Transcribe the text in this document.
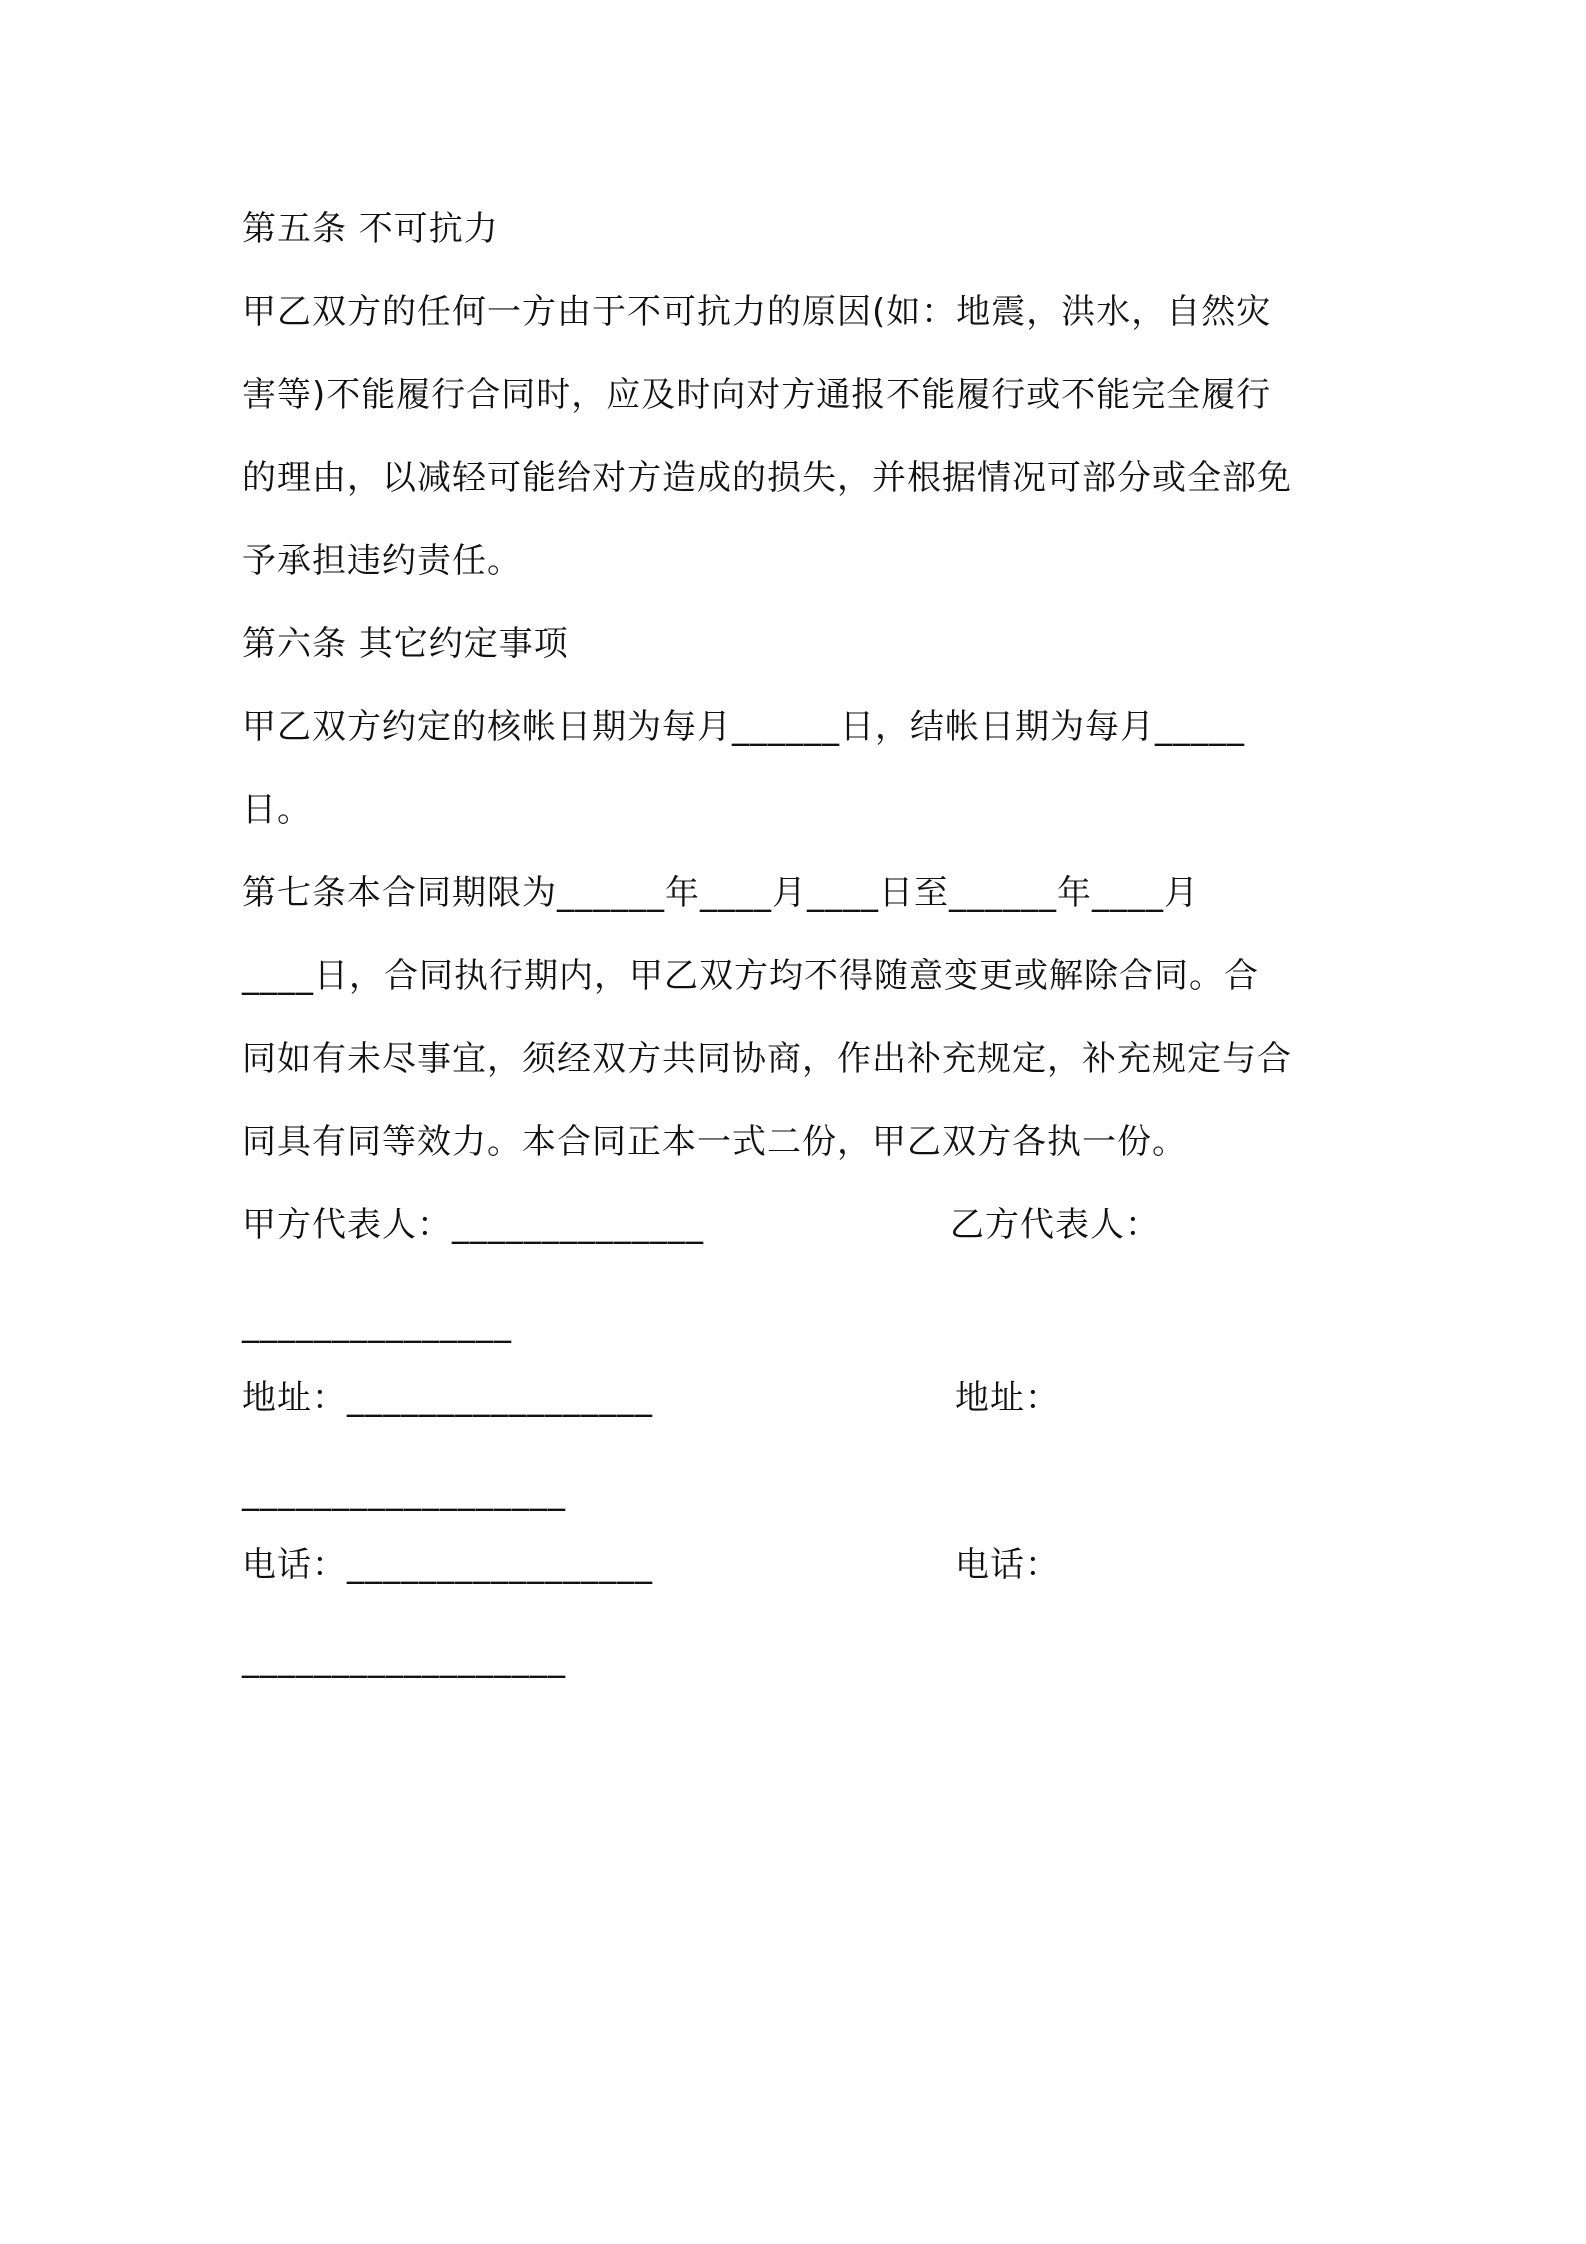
第五条 不可抗力
甲乙双方的任何一方由于不可抗力的原因(如：地震，洪水，自然灾
害等)不能履行合同时，应及时向对方通报不能履行或不能完全履行
的理由，以减轻可能给对方造成的损失，并根据情况可部分或全部免
予承担违约责任。
第六条 其它约定事项
甲乙双方约定的核帐日期为每月______日，结帐日期为每月_____
日。
第七条本合同期限为______年____月____日至______年____月
____日，合同执行期内，甲乙双方均不得随意变更或解除合同。合
同如有未尽事宜，须经双方共同协商，作出补充规定，补充规定与合
同具有同等效力。本合同正本一式二份，甲乙双方各执一份。
甲方代表人：______________	乙方代表人：
_______________
地址：_________________	地址：
__________________
电话：_________________	电话：
__________________
